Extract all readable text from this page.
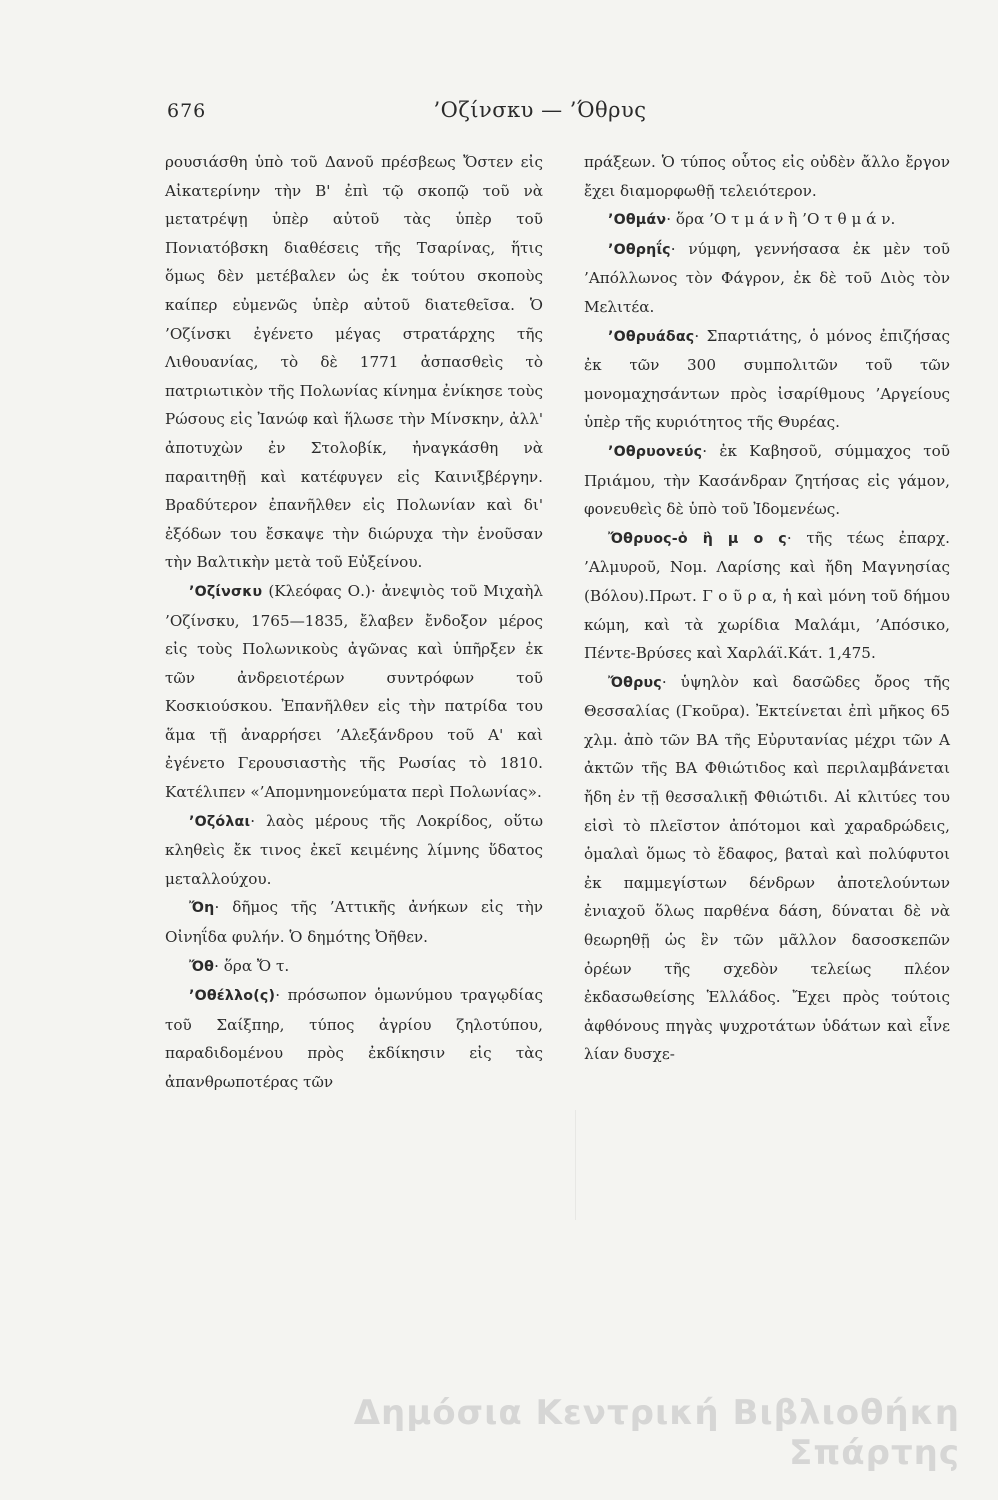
676	’Οζίνσκυ — ’Όθρυς

ρουσιάσθη ὑπὸ τοῦ Δανοῦ πρέσβεως Ὄστεν εἰς Αἰκατερίνην τὴν Β' ἐπὶ τῷ σκοπῷ τοῦ νὰ μετατρέψῃ ὑπὲρ αὐτοῦ τὰς ὑπὲρ τοῦ Πονιατόβσκη διαθέσεις τῆς Τσαρίνας, ἥτις ὅμως δὲν μετέβαλεν ὡς ἐκ τούτου σκοποὺς καίπερ εὐμενῶς ὑπὲρ αὐτοῦ διατεθεῖσα. Ὁ ’Οζίνσκι ἐγένετο μέγας στρατάρχης τῆς Λιθουανίας, τὸ δὲ 1771 ἀσπασθεὶς τὸ πατριωτικὸν τῆς Πολωνίας κίνημα ἐνίκησε τοὺς Ρώσους εἰς Ἰανώφ καὶ ἥλωσε τὴν Μίνσκην, ἀλλ' ἀποτυχὼν ἐν Στολοβίκ, ἠναγκάσθη νὰ παραιτηθῇ καὶ κατέφυγεν εἰς Καινιξβέργην. Βραδύτερον ἐπανῆλθεν εἰς Πολωνίαν καὶ δι' ἐξόδων του ἔσκαψε τὴν διώρυχα τὴν ἑνοῦσαν τὴν Βαλτικὴν μετὰ τοῦ Εὐξείνου.

’Οζίνσκυ (Κλεόφας Ο.)· ἀνεψιὸς τοῦ Μιχαὴλ ’Οζίνσκυ, 1765—1835, ἔλαβεν ἔνδοξον μέρος εἰς τοὺς Πολωνικοὺς ἀγῶνας καὶ ὑπῆρξεν ἐκ τῶν ἀνδρειοτέρων συντρόφων τοῦ Κοσκιούσκου. Ἐπανῆλθεν εἰς τὴν πατρίδα του ἅμα τῇ ἀναρρήσει ’Αλεξάνδρου τοῦ Α' καὶ ἐγένετο Γερουσιαστὴς τῆς Ρωσίας τὸ 1810. Κατέλιπεν «’Απομνημονεύματα περὶ Πολωνίας».

’Οζόλαι· λαὸς μέρους τῆς Λοκρίδος, οὕτω κληθεὶς ἔκ τινος ἐκεῖ κειμένης λίμνης ὕδατος μεταλλούχου.

Ὄη· δῆμος τῆς ’Αττικῆς ἀνήκων εἰς τὴν Οἰνηΐδα φυλήν. Ὁ δημότης Ὀῆθεν.

Ὄθ· ὅρα Ὄ τ.

’Οθέλλο(ς)· πρόσωπον ὁμωνύμου τραγῳδίας τοῦ Σαίξπηρ, τύπος ἀγρίου ζηλοτύπου, παραδιδομένου πρὸς ἐκδίκησιν εἰς τὰς ἀπανθρωποτέρας τῶν

πράξεων. Ὁ τύπος οὗτος εἰς οὐδὲν ἄλλο ἔργον ἔχει διαμορφωθῇ τελειότερον.

’Οθμάν· ὅρα ’Ο τ μ ά ν ἢ ’Ο τ θ μ ά ν.

’Οθρηΐς· νύμφη, γεννήσασα ἐκ μὲν τοῦ ’Απόλλωνος τὸν Φάγρον, ἐκ δὲ τοῦ Διὸς τὸν Μελιτέα.

’Οθρυάδας· Σπαρτιάτης, ὁ μόνος ἐπιζήσας ἐκ τῶν 300 συμπολιτῶν τοῦ τῶν μονομαχησάντων πρὸς ἰσαρίθμους ’Αργείους ὑπὲρ τῆς κυριότητος τῆς Θυρέας.

’Οθρυονεύς· ἐκ Καβησοῦ, σύμμαχος τοῦ Πριάμου, τὴν Κασάνδραν ζητήσας εἰς γάμον, φονευθεὶς δὲ ὑπὸ τοῦ Ἰδομενέως.

Ὄθρυος-ὁ ἢ μ ο ς· τῆς τέως ἐπαρχ. ’Αλμυροῦ, Νομ. Λαρίσης καὶ ἤδη Μαγνησίας (Βόλου).Πρωτ. Γ ο ῦ ρ α, ἡ καὶ μόνη τοῦ δήμου κώμη, καὶ τὰ χωρίδια Μαλάμι, ’Απόσικο, Πέντε-Βρύσες καὶ Χαρλάϊ.Κάτ. 1,475.

Ὄθρυς· ὑψηλὸν καὶ δασῶδες ὄρος τῆς Θεσσαλίας (Γκοῦρα). Ἐκτείνεται ἐπὶ μῆκος 65 χλμ. ἀπὸ τῶν ΒΑ τῆς Εὐρυτανίας μέχρι τῶν Α ἀκτῶν τῆς ΒΑ Φθιώτιδος καὶ περιλαμβάνεται ἤδη ἐν τῇ θεσσαλικῇ Φθιώτιδι. Αἱ κλιτύες του εἰσὶ τὸ πλεῖστον ἀπότομοι καὶ χαραδρώδεις, ὁμαλαὶ ὅμως τὸ ἔδαφος, βαταὶ καὶ πολύφυτοι ἐκ παμμεγίστων δένδρων ἀποτελούντων ἐνιαχοῦ ὅλως παρθένα δάση, δύναται δὲ νὰ θεωρηθῇ ὡς ἓν τῶν μᾶλλον δασοσκεπῶν ὀρέων τῆς σχεδὸν τελείως πλέον ἐκδασωθείσης Ἑλλάδος. Ἔχει πρὸς τούτοις ἀφθόνους πηγὰς ψυχροτάτων ὑδάτων καὶ εἶνε λίαν δυσχε-

Δημόσια Κεντρική Βιβλιοθήκη Σπάρτης
